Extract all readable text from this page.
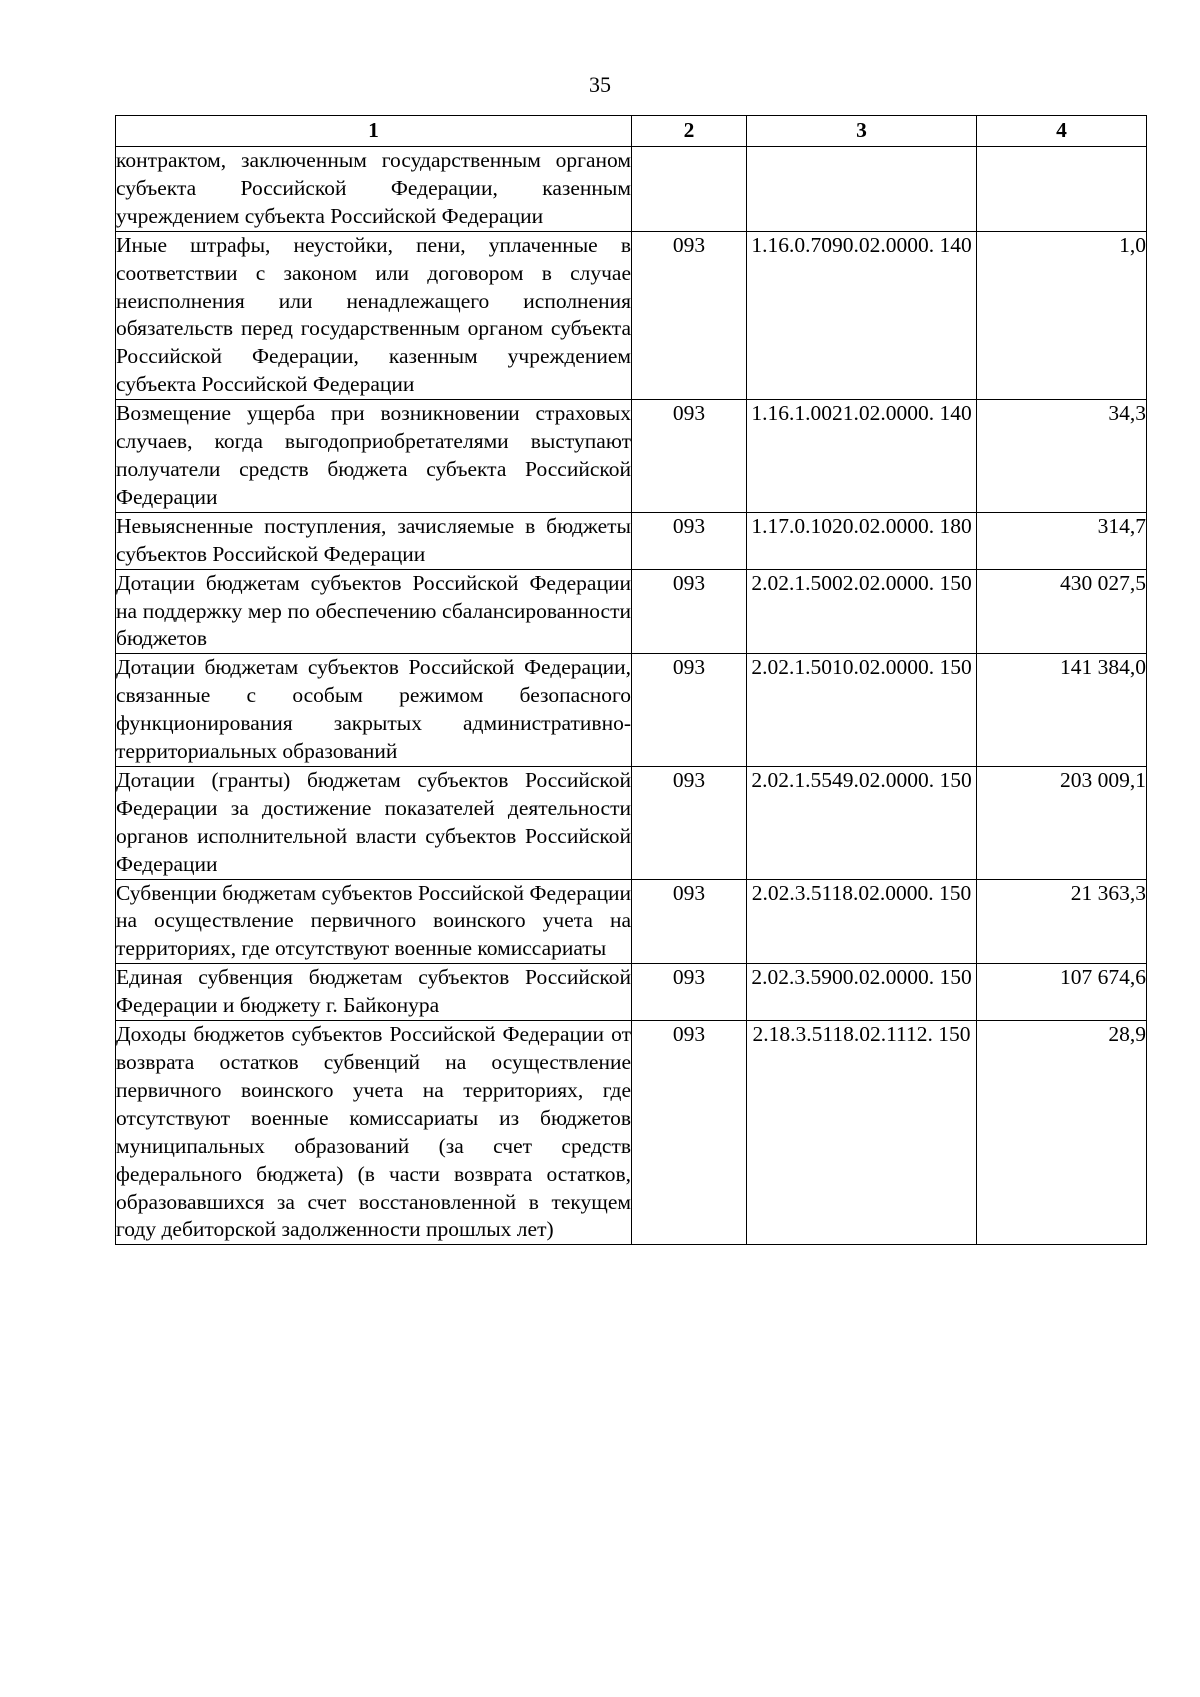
35
1	2	3	4
контрактом, заключенным государственным органом субъекта Российской Федерации, казенным учреждением субъекта Российской Федерации			
Иные штрафы, неустойки, пени, уплаченные в соответствии с законом или договором в случае неисполнения или ненадлежащего исполнения обязательств перед государственным органом субъекта Российской Федерации, казенным учреждением субъекта Российской Федерации	093	1.16.0.7090.02.0000. 140	1,0
Возмещение ущерба при возникновении страховых случаев, когда выгодоприобретателями выступают получатели средств бюджета субъекта Российской Федерации	093	1.16.1.0021.02.0000. 140	34,3
Невыясненные поступления, зачисляемые в бюджеты субъектов Российской Федерации	093	1.17.0.1020.02.0000. 180	314,7
Дотации бюджетам субъектов Российской Федерации на поддержку мер по обеспечению сбалансированности бюджетов	093	2.02.1.5002.02.0000. 150	430 027,5
Дотации бюджетам субъектов Российской Федерации, связанные с особым режимом безопасного функционирования закрытых административно-территориальных образований	093	2.02.1.5010.02.0000. 150	141 384,0
Дотации (гранты) бюджетам субъектов Российской Федерации за достижение показателей деятельности органов исполнительной власти субъектов Российской Федерации	093	2.02.1.5549.02.0000. 150	203 009,1
Субвенции бюджетам субъектов Российской Федерации на осуществление первичного воинского учета на территориях, где отсутствуют военные комиссариаты	093	2.02.3.5118.02.0000. 150	21 363,3
Единая субвенция бюджетам субъектов Российской Федерации и бюджету г. Байконура	093	2.02.3.5900.02.0000. 150	107 674,6
Доходы бюджетов субъектов Российской Федерации от возврата остатков субвенций на осуществление первичного воинского учета на территориях, где отсутствуют военные комиссариаты из бюджетов муниципальных образований (за счет средств федерального бюджета) (в части возврата остатков, образовавшихся за счет восстановленной в текущем году дебиторской задолженности прошлых лет)	093	2.18.3.5118.02.1112. 150	28,9
